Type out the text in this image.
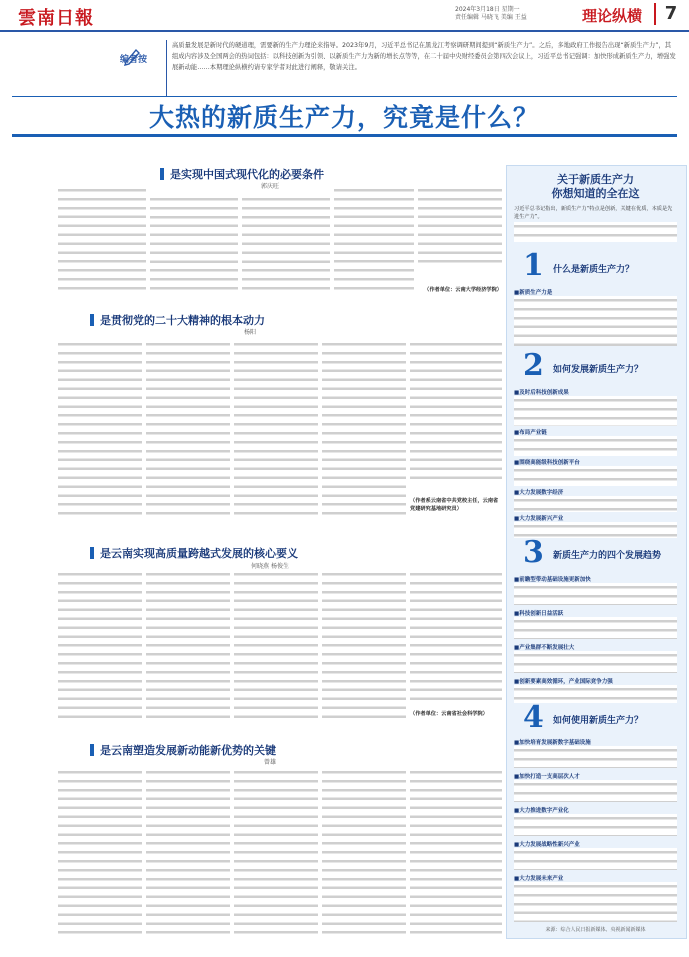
雲南日報	2024年3月18日 星期一
责任编辑 马晓飞 美编 王益	理论纵横	7
编者按
高质量发展是新时代的硬道理，需要新的生产力理论来指导。2023年9月，习近平总书记在黑龙江考察调研期间提到“新质生产力”。之后，多地政府工作报告出现“新质生产力”，其组成内容涉及全国两会的热词包括：以科技创新为引领、以新质生产力为新的增长点等等，在二十届中央财经委员会第四次会议上，习近平总书记强调：加快形成新质生产力，增强发展新动能……本期理论纵横约请专家学者对此进行阐释，敬请关注。
大热的新质生产力，究竟是什么？
是实现中国式现代化的必要条件
郭庆旺
（作者单位：云南大学经济学院）
是贯彻党的二十大精神的根本动力
杨阳
（作者系云南省中共党校主任，云南省党建研究基地研究员）
是云南实现高质量跨越式发展的核心要义
何晓燕 杨俊生
（作者单位：云南省社会科学院）
是云南塑造发展新动能新优势的关键
曾雄
关于新质生产力
你想知道的全在这
习近平总书记指出，新质生产力“特点是创新，关键在优质，本质是先进生产力”。
1 什么是新质生产力？
■新质生产力是
2 如何发展新质生产力？
■及时后科技创新成果
■布局产业链
■围绕高能级科技创新平台
■大力发展数字经济
■大力发展新兴产业
3 新质生产力的四个发展趋势
■前瞻型带动基础设施更新加快
■科技创新日益活跃
■产业集群不断发展壮大
■创新要素高效循环，产业国际竞争力强
4 如何使用新质生产力？
■加快培育发展新数字基础设施
■加快打造一支高层次人才
■大力推进数字产业化
■大力发展战略性新兴产业
■大力发展未来产业
来源：综合人民日报新媒体、央视新闻新媒体
